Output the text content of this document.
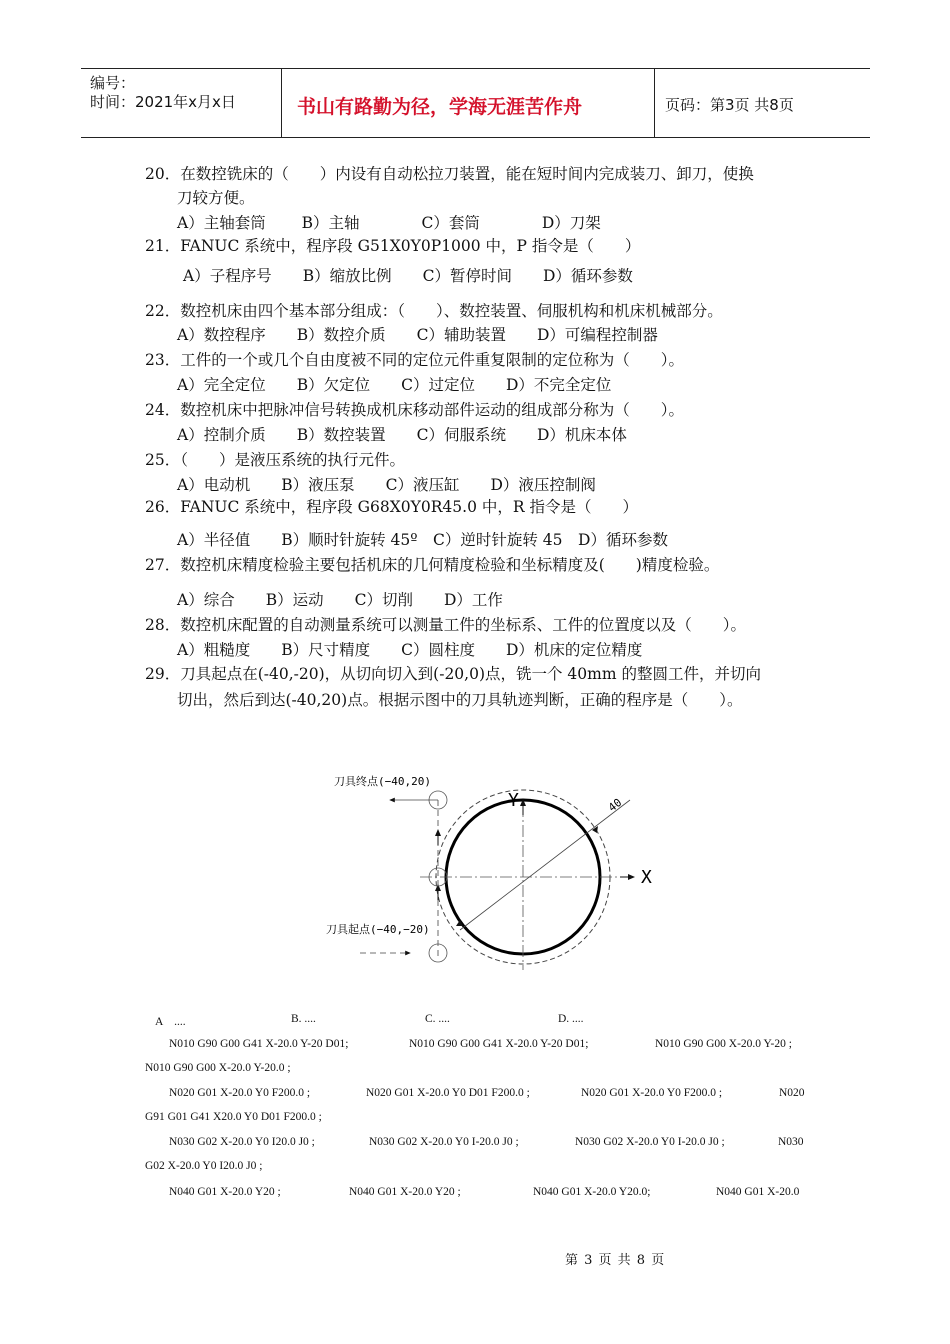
编号：
时间：2021年x月x日	书山有路勤为径，学海无涯苦作舟	页码：第3页 共8页
20．在数控铣床的（　　）内设有自动松拉刀装置，能在短时间内完成装刀、卸刀，使换
刀较方便。
A）主轴套筒　　 B）主轴　　　　C）套筒　　　　D）刀架
21．FANUC 系统中，程序段 G51X0Y0P1000 中，P 指令是（　　）
A）子程序号　　B）缩放比例　　C）暂停时间　　D）循环参数
22．数控机床由四个基本部分组成：（　　）、数控装置、伺服机构和机床机械部分。
A）数控程序　　B）数控介质　　C）辅助装置　　D）可编程控制器
23．工件的一个或几个自由度被不同的定位元件重复限制的定位称为（　　）。
A）完全定位　　B）欠定位　　C）过定位　　D）不完全定位
24．数控机床中把脉冲信号转换成机床移动部件运动的组成部分称为（　　）。
A）控制介质　　B）数控装置　　C）伺服系统　　D）机床本体
25．（　　）是液压系统的执行元件。
A）电动机　　B）液压泵　　C）液压缸　　D）液压控制阀
26．FANUC 系统中，程序段 G68X0Y0R45.0 中，R 指令是（　　）
A）半径值　　B）顺时针旋转 45º　C）逆时针旋转 45　D）循环参数
27．数控机床精度检验主要包括机床的几何精度检验和坐标精度及(　　)精度检验。
A）综合　　B）运动　　C）切削　　D）工作
28．数控机床配置的自动测量系统可以测量工件的坐标系、工件的位置度以及（　　）。
A）粗糙度　　B）尺寸精度　　C）圆柱度　　D）机床的定位精度
29．刀具起点在(-40,-20)，从切向切入到(-20,0)点，铣一个 40mm 的整圆工件，并切向
切出，然后到达(-40,20)点。根据示图中的刀具轨迹判断，正确的程序是（　　）。
Y
X
刀具终点(−40,20)
刀具起点(−40,−20)
40
A　....	B. ....	C. ....	D. ....
N010 G90 G00 G41 X-20.0 Y-20 D01;	N010 G90 G00 G41 X-20.0 Y-20 D01;	N010 G90 G00 X-20.0 Y-20 ;
N010 G90 G00 X-20.0 Y-20.0 ;
N020 G01 X-20.0 Y0 F200.0 ;	N020 G01 X-20.0 Y0 D01 F200.0 ;	N020 G01 X-20.0 Y0 F200.0 ;	N020
G91 G01 G41 X20.0 Y0 D01 F200.0 ;
N030 G02 X-20.0 Y0 I20.0 J0 ;	N030 G02 X-20.0 Y0 I-20.0 J0 ;	N030 G02 X-20.0 Y0 I-20.0 J0 ;	N030
G02 X-20.0 Y0 I20.0 J0 ;
N040 G01 X-20.0 Y20 ;	N040 G01 X-20.0 Y20 ;	N040 G01 X-20.0 Y20.0;	N040 G01 X-20.0
第 3 页 共 8 页
